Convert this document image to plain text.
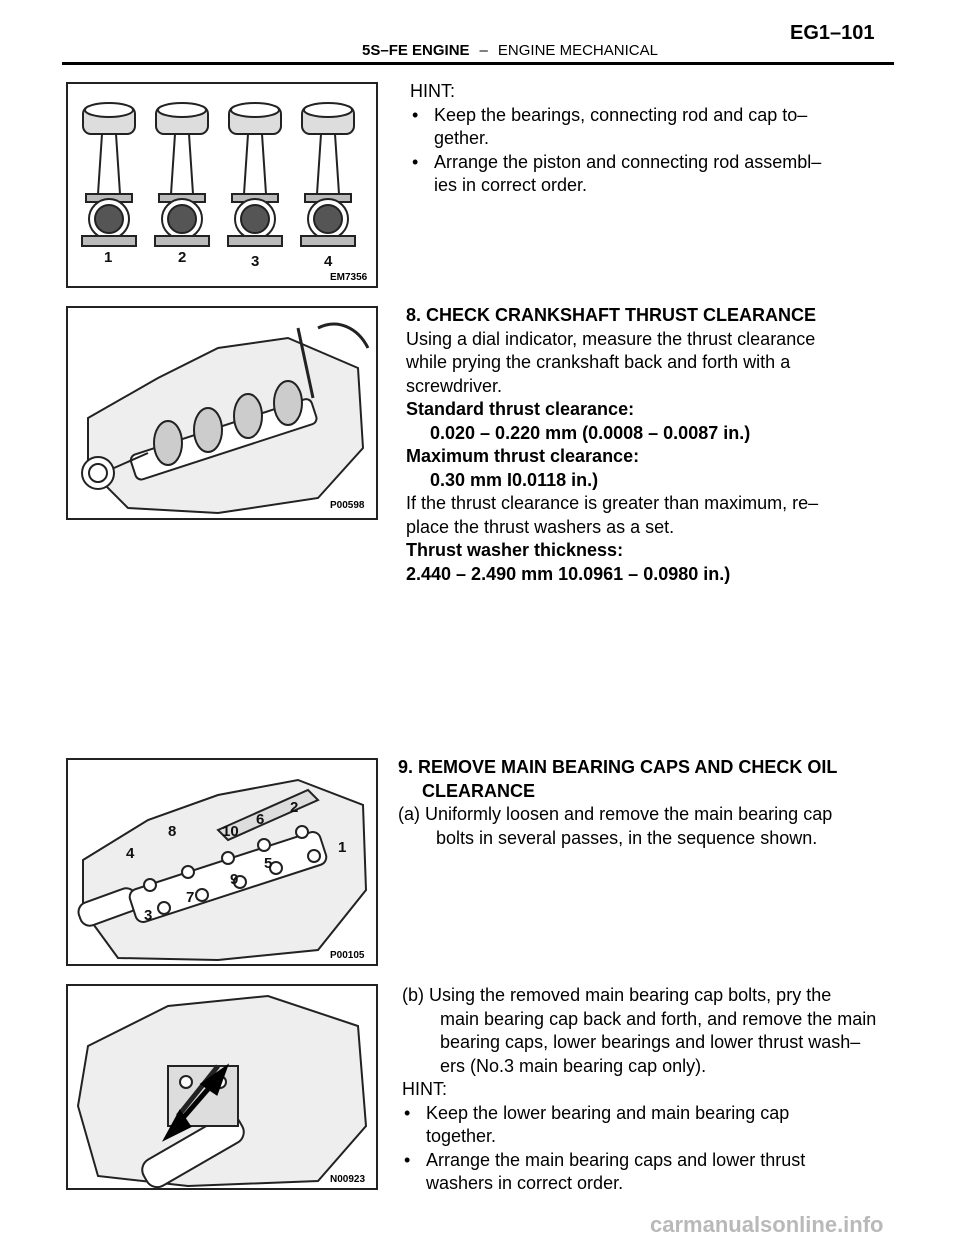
5S–FE ENGINE – ENGINE MECHANICAL
EG1–101
1	2	3	4
EM7356

HINT:

• Keep the bearings, connecting rod and cap to–

gether.

• Arrange the piston and connecting rod assembl–

ies in correct order.

P00598

8. CHECK CRANKSHAFT THRUST CLEARANCE

Using a dial indicator, measure the thrust clearance

while prying the crankshaft back and forth with a

screwdriver.

Standard thrust clearance:

0.020 – 0.220 mm (0.0008 – 0.0087 in.)

Maximum thrust clearance:

0.30 mm I0.0118 in.)

If the thrust clearance is greater than maximum, re–

place the thrust washers as a set.

Thrust washer thickness:

2.440 – 2.490 mm 10.0961 – 0.0980 in.)

8	10
6
2
4	1
5
9
7
3
P00105

9. REMOVE MAIN BEARING CAPS AND CHECK OIL

CLEARANCE

(a) Uniformly loosen and remove the main bearing cap

bolts in several passes, in the sequence shown.

N00923

(b) Using the removed main bearing cap bolts, pry the

main bearing cap back and forth, and remove the main

bearing caps, lower bearings and lower thrust wash–

ers (No.3 main bearing cap only).

HINT:

• Keep the lower bearing and main bearing cap

together.

• Arrange the main bearing caps and lower thrust

washers in correct order.

carmanualsonline.info
